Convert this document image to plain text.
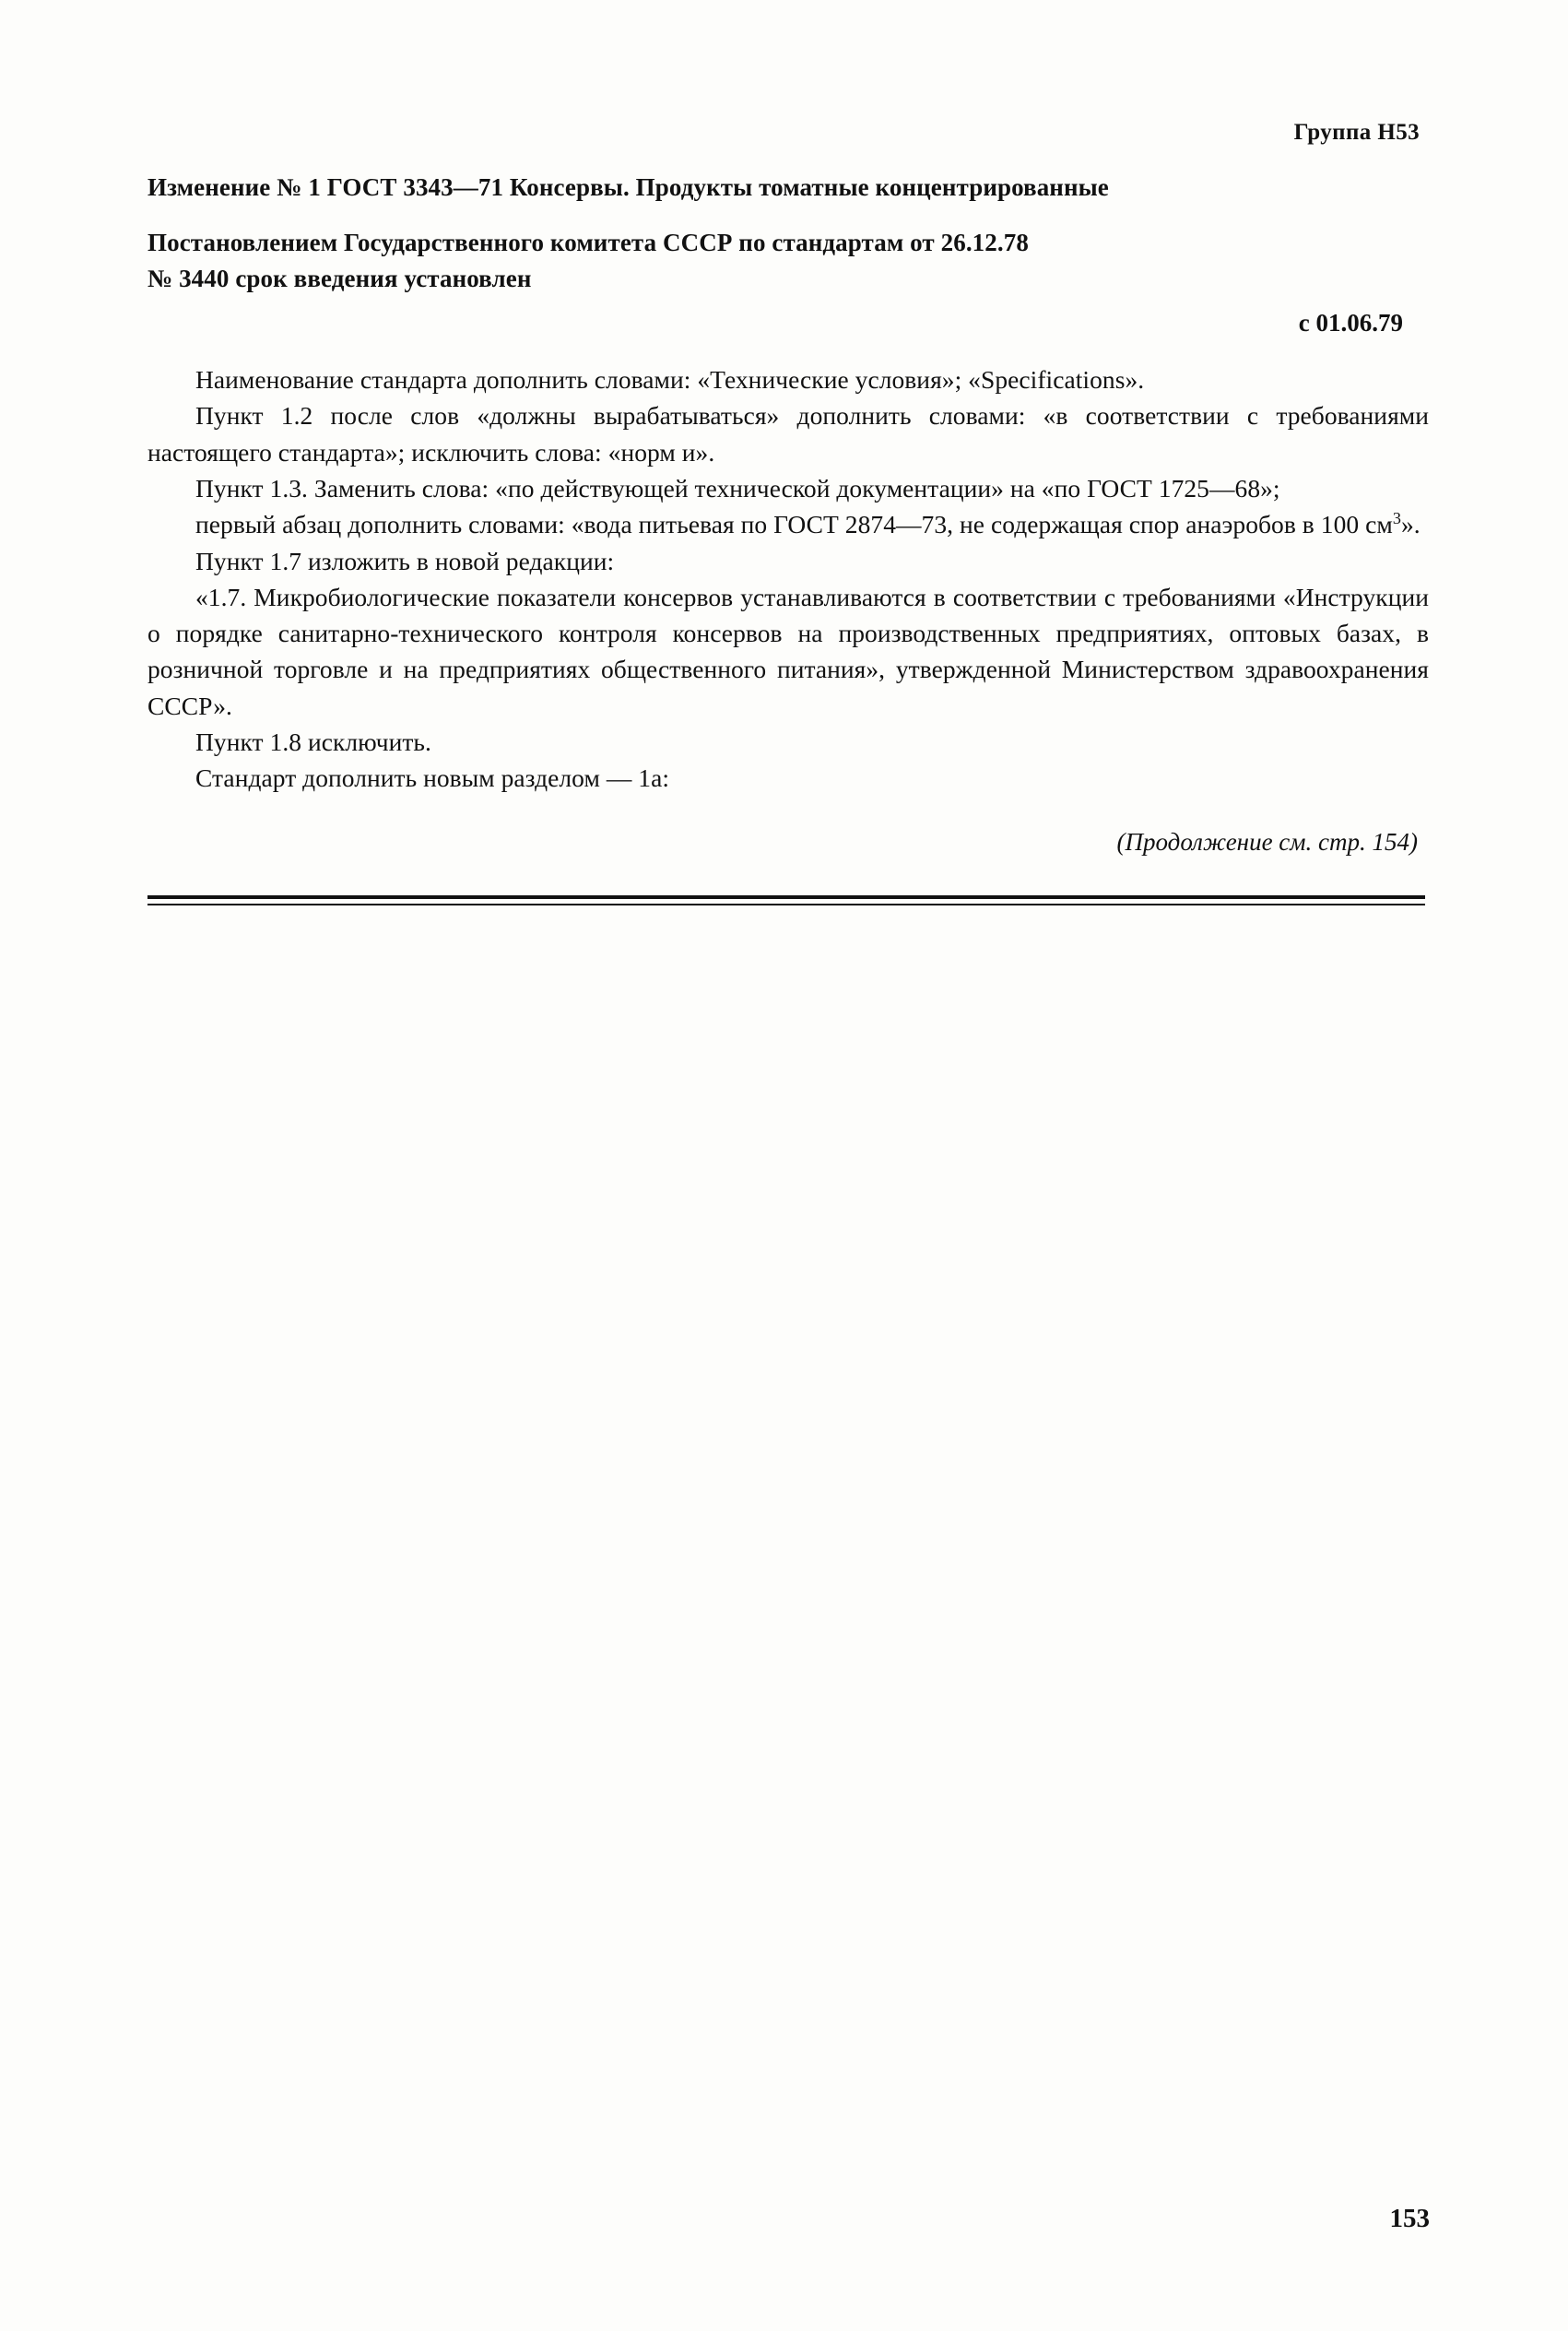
Группа Н53
Изменение № 1 ГОСТ 3343—71 Консервы. Продукты томатные концентрированные
Постановлением Государственного комитета СССР по стандартам от 26.12.78
№ 3440 срок введения установлен
с 01.06.79

Наименование стандарта дополнить словами: «Технические условия»; «Specifications».

Пункт 1.2 после слов «должны вырабатываться» дополнить словами: «в соответствии с требованиями настоящего стандарта»; исключить слова: «норм и».

Пункт 1.3. Заменить слова: «по действующей технической документации» на «по ГОСТ 1725—68»;

первый абзац дополнить словами: «вода питьевая по ГОСТ 2874—73, не содержащая спор анаэробов в 100 $см^3$».

Пункт 1.7 изложить в новой редакции:

«1.7. Микробиологические показатели консервов устанавливаются в соответствии с требованиями «Инструкции о порядке санитарно-технического контроля консервов на производственных предприятиях, оптовых базах, в розничной торговле и на предприятиях общественного питания», утвержденной Министерством здравоохранения СССР».

Пункт 1.8 исключить.

Стандарт дополнить новым разделом — 1а:

(Продолжение см. стр. 154)
153
